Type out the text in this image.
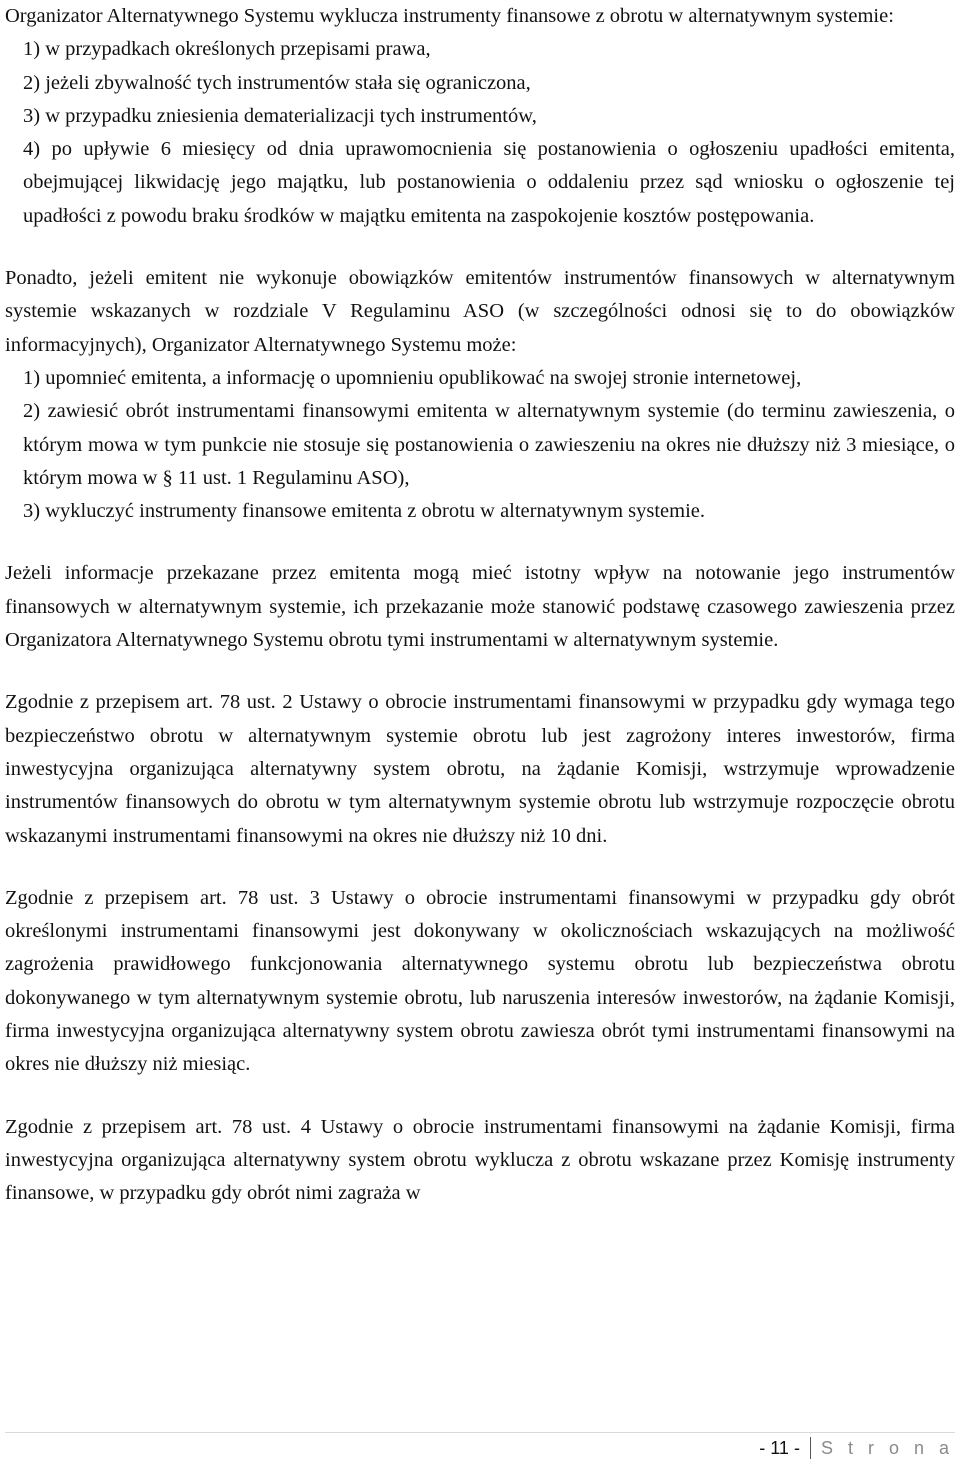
Organizator Alternatywnego Systemu wyklucza instrumenty finansowe z obrotu w alternatywnym systemie:

1) w przypadkach określonych przepisami prawa,

2) jeżeli zbywalność tych instrumentów stała się ograniczona,

3) w przypadku zniesienia dematerializacji tych instrumentów,

4) po upływie 6 miesięcy od dnia uprawomocnienia się postanowienia o ogłoszeniu upadłości emitenta, obejmującej likwidację jego majątku, lub postanowienia o oddaleniu przez sąd wniosku o ogłoszenie tej upadłości z powodu braku środków w majątku emitenta na zaspokojenie kosztów postępowania.

Ponadto, jeżeli emitent nie wykonuje obowiązków emitentów instrumentów finansowych w alternatywnym systemie wskazanych w rozdziale V Regulaminu ASO (w szczególności odnosi się to do obowiązków informacyjnych), Organizator Alternatywnego Systemu może:

1) upomnieć emitenta, a informację o upomnieniu opublikować na swojej stronie internetowej,

2) zawiesić obrót instrumentami finansowymi emitenta w alternatywnym systemie (do terminu zawieszenia, o którym mowa w tym punkcie nie stosuje się postanowienia o zawieszeniu na okres nie dłuższy niż 3 miesiące, o którym mowa w § 11 ust. 1 Regulaminu ASO),

3) wykluczyć instrumenty finansowe emitenta z obrotu w alternatywnym systemie.

Jeżeli informacje przekazane przez emitenta mogą mieć istotny wpływ na notowanie jego instrumentów finansowych w alternatywnym systemie, ich przekazanie może stanowić podstawę czasowego zawieszenia przez Organizatora Alternatywnego Systemu obrotu tymi instrumentami w alternatywnym systemie.

Zgodnie z przepisem art. 78 ust. 2 Ustawy o obrocie instrumentami finansowymi w przypadku gdy wymaga tego bezpieczeństwo obrotu w alternatywnym systemie obrotu lub jest zagrożony interes inwestorów, firma inwestycyjna organizująca alternatywny system obrotu, na żądanie Komisji, wstrzymuje wprowadzenie instrumentów finansowych do obrotu w tym alternatywnym systemie obrotu lub wstrzymuje rozpoczęcie obrotu wskazanymi instrumentami finansowymi na okres nie dłuższy niż 10 dni.

Zgodnie z przepisem art. 78 ust. 3 Ustawy o obrocie instrumentami finansowymi w przypadku gdy obrót określonymi instrumentami finansowymi jest dokonywany w okolicznościach wskazujących na możliwość zagrożenia prawidłowego funkcjonowania alternatywnego systemu obrotu lub bezpieczeństwa obrotu dokonywanego w tym alternatywnym systemie obrotu, lub naruszenia interesów inwestorów, na żądanie Komisji, firma inwestycyjna organizująca alternatywny system obrotu zawiesza obrót tymi instrumentami finansowymi na okres nie dłuższy niż miesiąc.

Zgodnie z przepisem art. 78 ust. 4 Ustawy o obrocie instrumentami finansowymi na żądanie Komisji, firma inwestycyjna organizująca alternatywny system obrotu wyklucza z obrotu wskazane przez Komisję instrumenty finansowe, w przypadku gdy obrót nimi zagraża w

- 11 - S t r o n a
